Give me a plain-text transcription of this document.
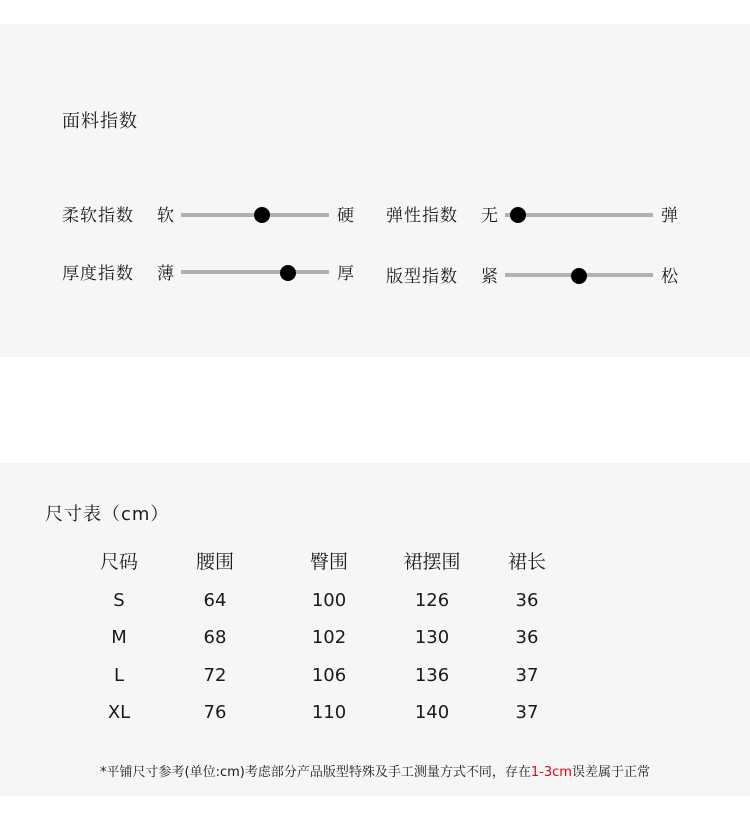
面料指数
柔软指数 软	硬
厚度指数 薄	厚
弹性指数 无	弹
版型指数 紧	松
尺寸表（cm）
尺码	腰围	臀围	裙摆围	裙长
S	64	100	126	36
M	68	102	130	36
L	72	106	136	37
XL	76	110	140	37
*平铺尺寸参考(单位:cm)考虑部分产品版型特殊及手工测量方式不同，存在1-3cm误差属于正常
